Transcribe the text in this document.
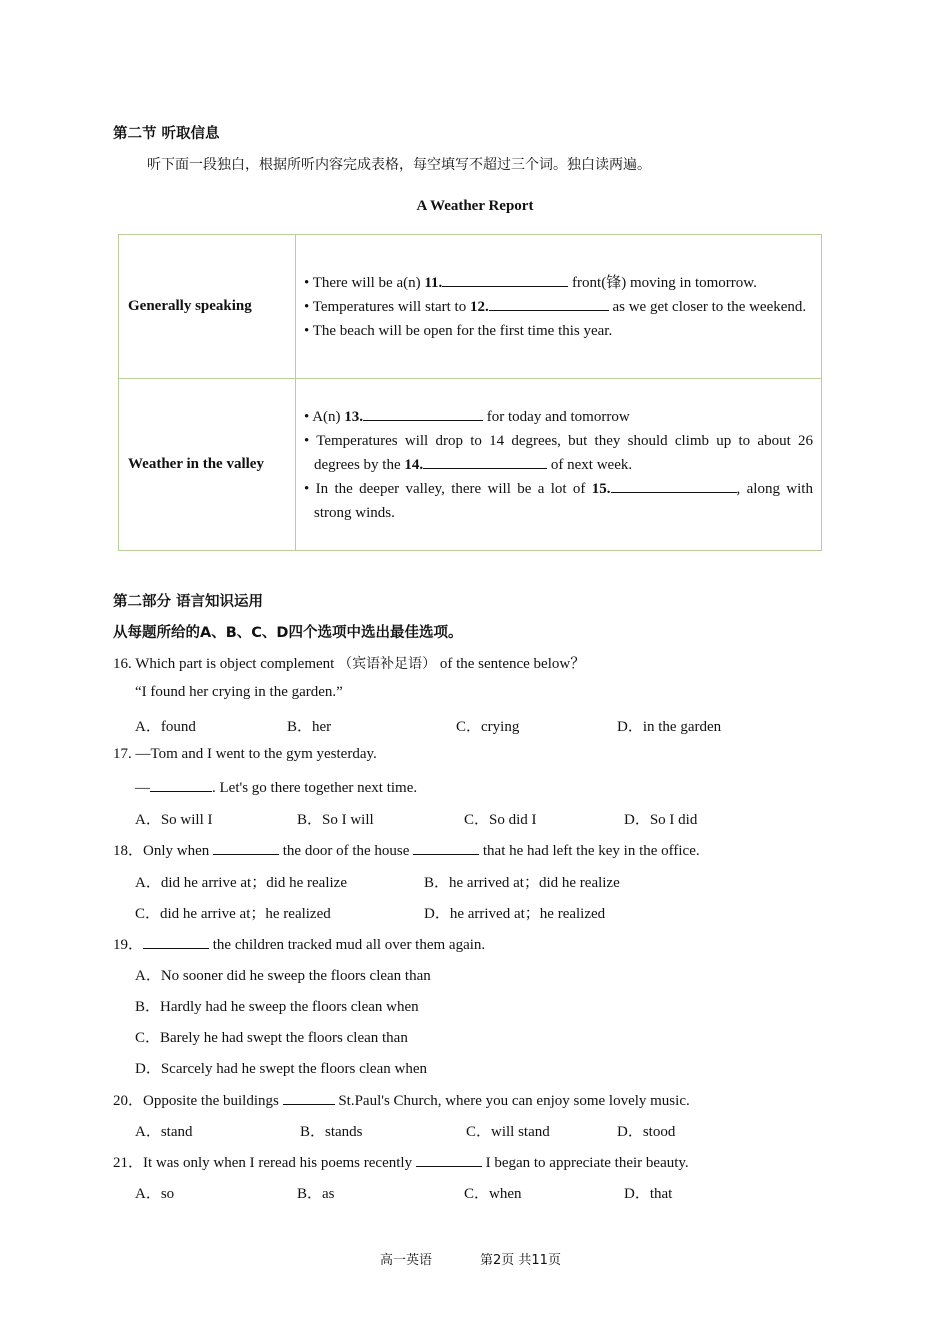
第二节 听取信息
听下面一段独白，根据所听内容完成表格，每空填写不超过三个词。独白读两遍。
A Weather Report
Generally speaking	• There will be a(n) 11. front(锋) moving in tomorrow.
• Temperatures will start to 12. as we get closer to the weekend.
• The beach will be open for the first time this year.

Weather in the valley	• A(n) 13. for today and tomorrow
• Temperatures will drop to 14 degrees, but they should climb up to about 26 degrees by the 14. of next week.
• In the deeper valley, there will be a lot of 15. , along with strong winds.
第二部分 语言知识运用
从每题所给的A、B、C、D四个选项中选出最佳选项。
16. Which part is object complement （宾语补足语） of the sentence below？
“I found her crying in the garden.”
A．found	B．her	C．crying	D．in the garden
17. —Tom and I went to the gym yesterday.
—	. Let's go there together next time.
A．So will I	B．So I will	C．So did I	D．So I did
18．Only when	the door of the house	that he had left the key in the office.
A．did he arrive at；did he realize	B．he arrived at；did he realize
C．did he arrive at；he realized	D．he arrived at；he realized
19．	the children tracked mud all over them again.
A．No sooner did he sweep the floors clean than
B．Hardly had he sweep the floors clean when
C．Barely he had swept the floors clean than
D．Scarcely had he swept the floors clean when
20．Opposite the buildings	St.Paul's Church, where you can enjoy some lovely music.
A．stand	B．stands	C．will stand	D．stood
21．It was only when I reread his poems recently	I began to appreciate their beauty.
A．so	B．as	C．when	D．that
高一英语	第2页 共11页
